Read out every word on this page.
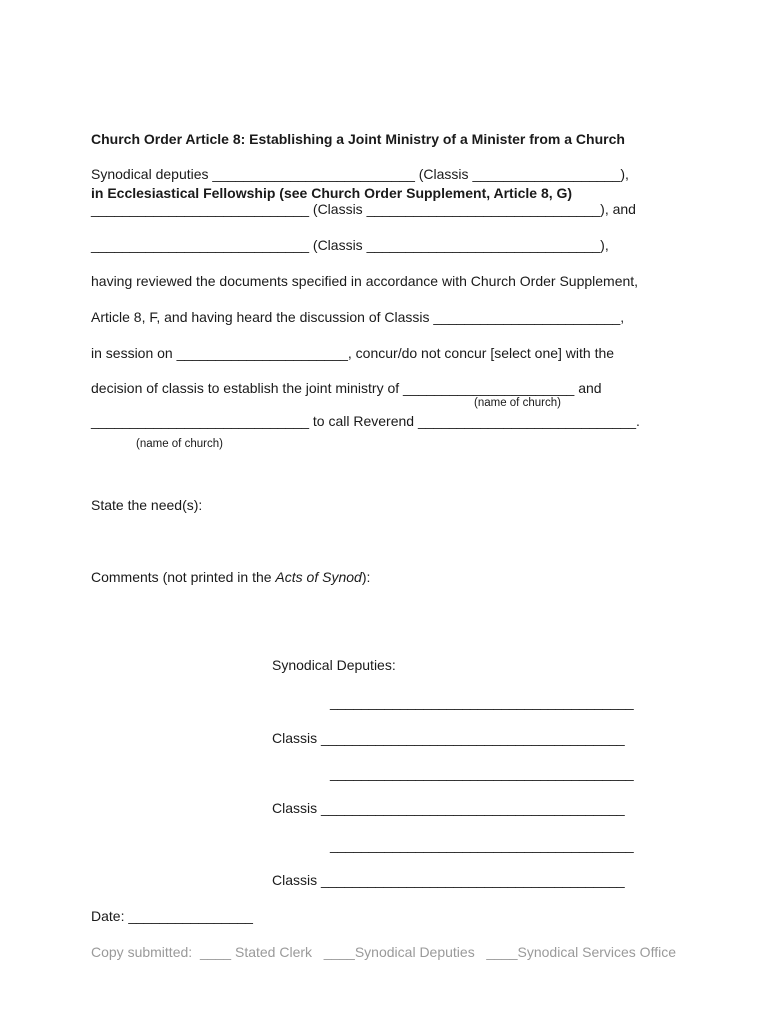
Church Order Article 8: Establishing a Joint Ministry of a Minister from a Church

in Ecclesiastical Fellowship (see Church Order Supplement, Article 8, G)

Synodical deputies __________________________ (Classis ___________________),
____________________________ (Classis ______________________________), and
____________________________ (Classis ______________________________),
having reviewed the documents specified in accordance with Church Order Supplement,
Article 8, F, and having heard the discussion of Classis ________________________,
in session on ______________________, concur/do not concur [select one] with the
decision of classis to establish the joint ministry of ______________________ and
(name of church)
____________________________ to call Reverend ____________________________.
(name of church)
State the need(s):
Comments (not printed in the Acts of Synod):
Synodical Deputies:
_______________________________________
Classis _______________________________________
_______________________________________
Classis _______________________________________
_______________________________________
Classis _______________________________________
Date: ________________
Copy submitted: ____ Stated Clerk ____Synodical Deputies ____Synodical Services Office
